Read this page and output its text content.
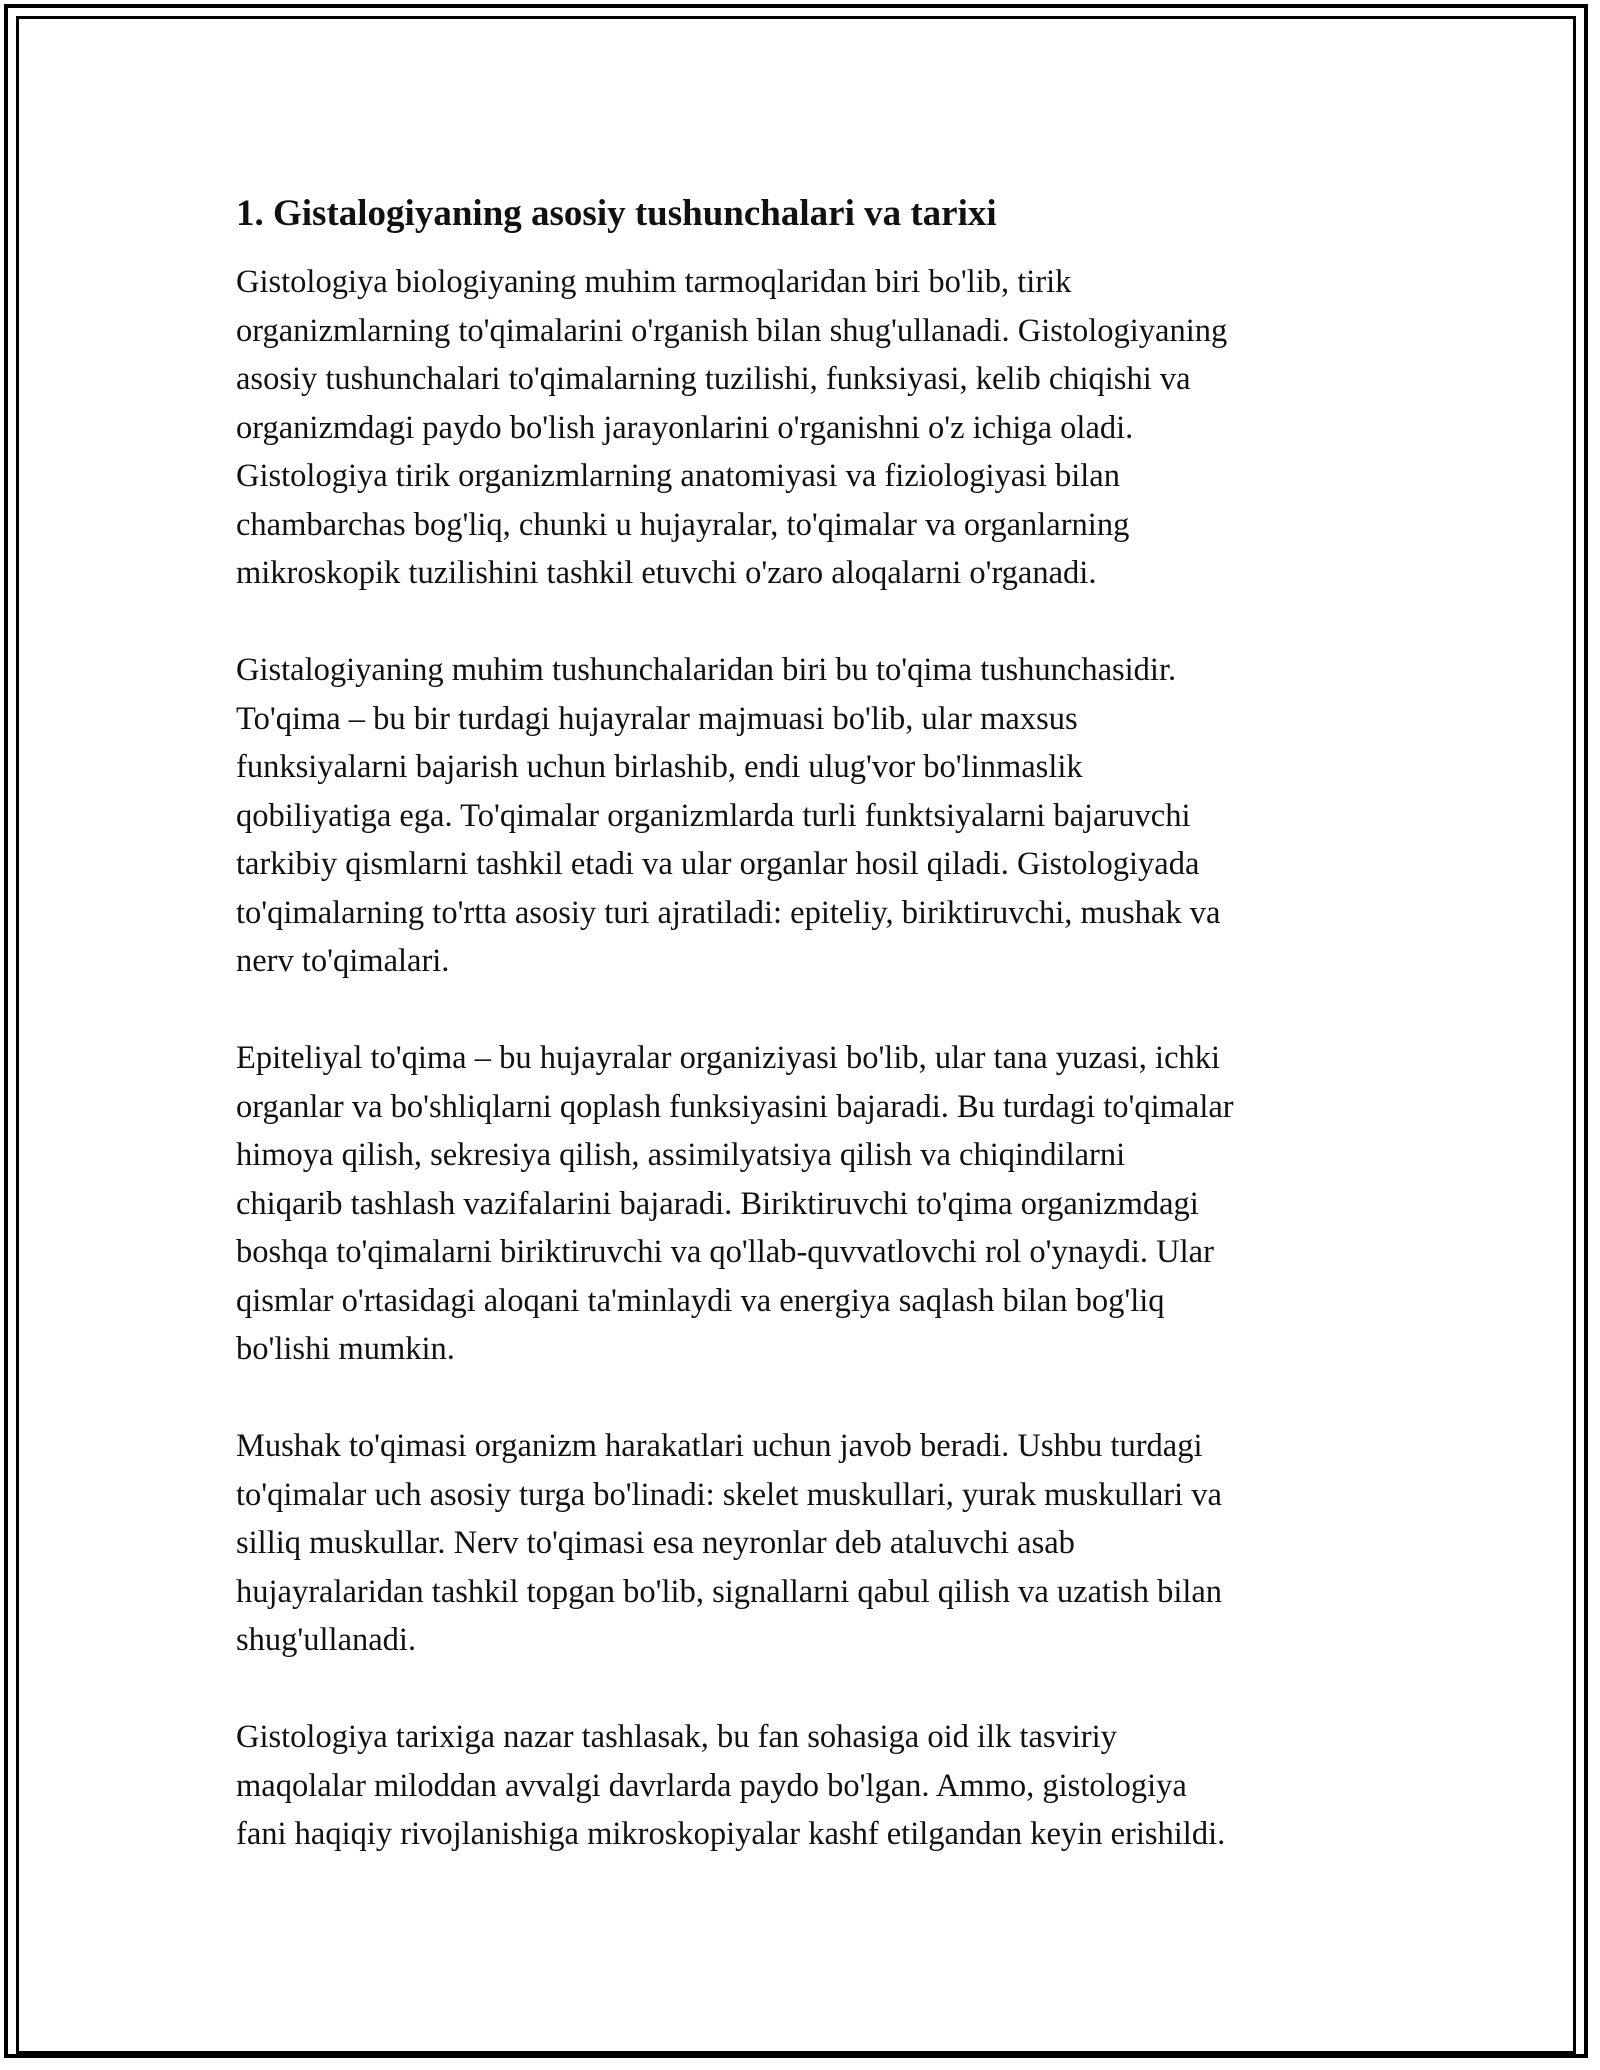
1. Gistalogiyaning asosiy tushunchalari va tarixi

Gistologiya biologiyaning muhim tarmoqlaridan biri bo'lib, tirik
organizmlarning to'qimalarini o'rganish bilan shug'ullanadi. Gistologiyaning
asosiy tushunchalari to'qimalarning tuzilishi, funksiyasi, kelib chiqishi va
organizmdagi paydo bo'lish jarayonlarini o'rganishni o'z ichiga oladi.
Gistologiya tirik organizmlarning anatomiyasi va fiziologiyasi bilan
chambarchas bog'liq, chunki u hujayralar, to'qimalar va organlarning
mikroskopik tuzilishini tashkil etuvchi o'zaro aloqalarni o'rganadi.

Gistalogiyaning muhim tushunchalaridan biri bu to'qima tushunchasidir.
To'qima – bu bir turdagi hujayralar majmuasi bo'lib, ular maxsus
funksiyalarni bajarish uchun birlashib, endi ulug'vor bo'linmaslik
qobiliyatiga ega. To'qimalar organizmlarda turli funktsiyalarni bajaruvchi
tarkibiy qismlarni tashkil etadi va ular organlar hosil qiladi. Gistologiyada
to'qimalarning to'rtta asosiy turi ajratiladi: epiteliy, biriktiruvchi, mushak va
nerv to'qimalari.

Epiteliyal to'qima – bu hujayralar organiziyasi bo'lib, ular tana yuzasi, ichki
organlar va bo'shliqlarni qoplash funksiyasini bajaradi. Bu turdagi to'qimalar
himoya qilish, sekresiya qilish, assimilyatsiya qilish va chiqindilarni
chiqarib tashlash vazifalarini bajaradi. Biriktiruvchi to'qima organizmdagi
boshqa to'qimalarni biriktiruvchi va qo'llab-quvvatlovchi rol o'ynaydi. Ular
qismlar o'rtasidagi aloqani ta'minlaydi va energiya saqlash bilan bog'liq
bo'lishi mumkin.

Mushak to'qimasi organizm harakatlari uchun javob beradi. Ushbu turdagi
to'qimalar uch asosiy turga bo'linadi: skelet muskullari, yurak muskullari va
silliq muskullar. Nerv to'qimasi esa neyronlar deb ataluvchi asab
hujayralaridan tashkil topgan bo'lib, signallarni qabul qilish va uzatish bilan
shug'ullanadi.

Gistologiya tarixiga nazar tashlasak, bu fan sohasiga oid ilk tasviriy
maqolalar miloddan avvalgi davrlarda paydo bo'lgan. Ammo, gistologiya
fani haqiqiy rivojlanishiga mikroskopiyalar kashf etilgandan keyin erishildi.
